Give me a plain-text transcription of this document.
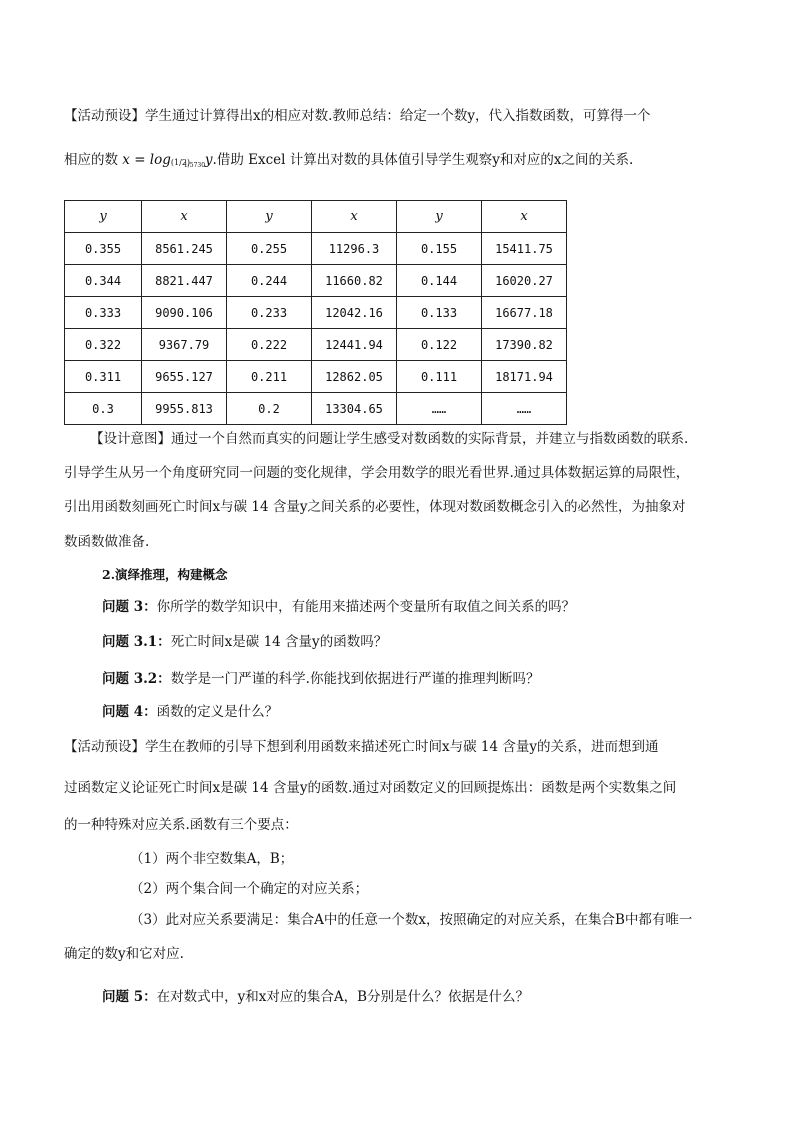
【活动预设】学生通过计算得出x的相应对数.教师总结：给定一个数y，代入指数函数，可算得一个
相应的数 x = log (1/2)
1/5730 y.借助 Excel 计算出对数的具体值引导学生观察y和对应的x之间的关系.
y	x	y	x	y	x
0.355	8561.245	0.255	11296.3	0.155	15411.75
0.344	8821.447	0.244	11660.82	0.144	16020.27
0.333	9090.106	0.233	12042.16	0.133	16677.18
0.322	9367.79	0.222	12441.94	0.122	17390.82
0.311	9655.127	0.211	12862.05	0.111	18171.94
0.3	9955.813	0.2	13304.65	……	……
【设计意图】通过一个自然而真实的问题让学生感受对数函数的实际背景，并建立与指数函数的联系.
引导学生从另一个角度研究同一问题的变化规律，学会用数学的眼光看世界.通过具体数据运算的局限性，
引出用函数刻画死亡时间x与碳 14 含量y之间关系的必要性，体现对数函数概念引入的必然性，为抽象对
数函数做准备.
2.演绎推理，构建概念
问题 3：你所学的数学知识中，有能用来描述两个变量所有取值之间关系的吗？
问题 3.1：死亡时间x是碳 14 含量y的函数吗？
问题 3.2：数学是一门严谨的科学.你能找到依据进行严谨的推理判断吗？
问题 4：函数的定义是什么？
【活动预设】学生在教师的引导下想到利用函数来描述死亡时间x与碳 14 含量y的关系，进而想到通
过函数定义论证死亡时间x是碳 14 含量y的函数.通过对函数定义的回顾提炼出：函数是两个实数集之间
的一种特殊对应关系.函数有三个要点：
（1）两个非空数集A，B；
（2）两个集合间一个确定的对应关系；
（3）此对应关系要满足：集合A中的任意一个数x，按照确定的对应关系，在集合B中都有唯一
确定的数y和它对应.
问题 5：在对数式中，y和x对应的集合A，B分别是什么？依据是什么？
